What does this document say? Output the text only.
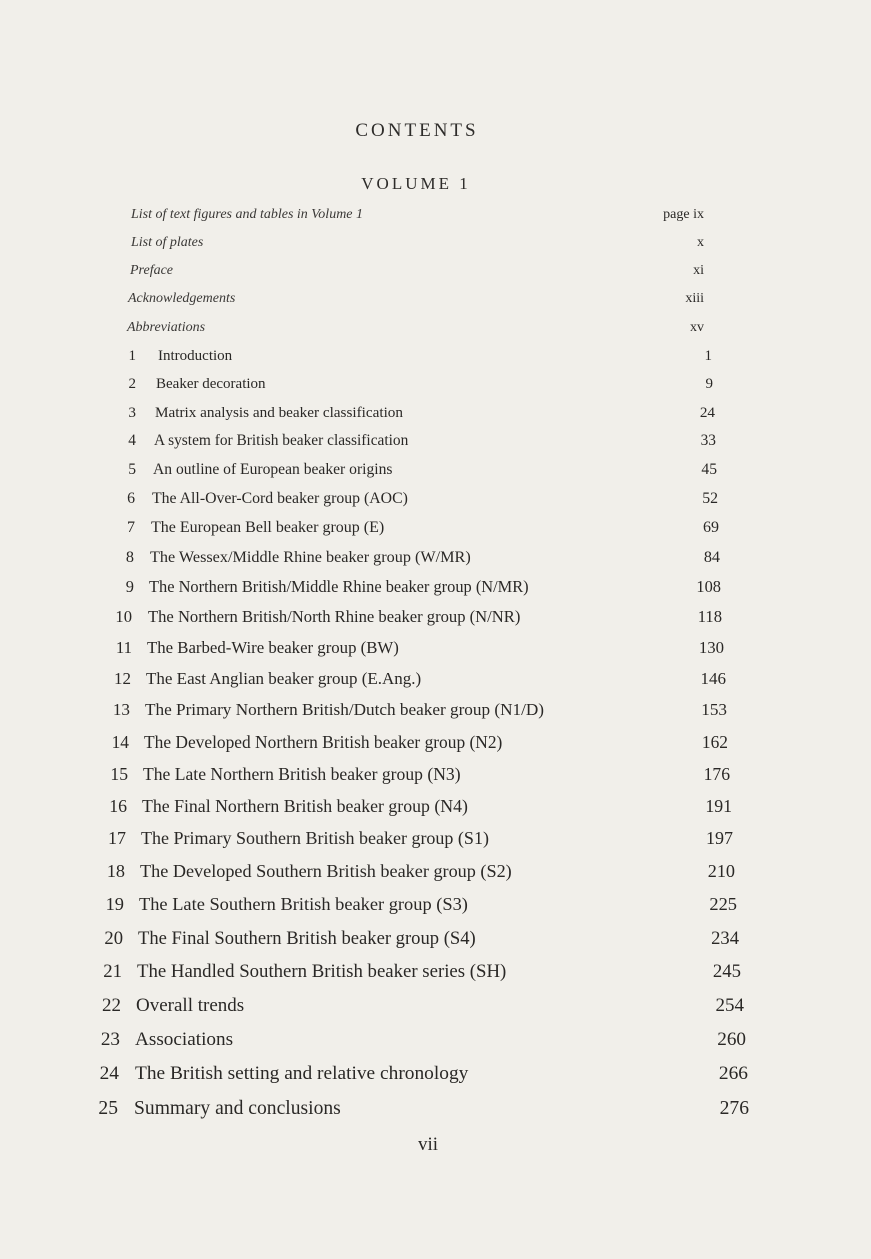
CONTENTS
VOLUME 1
List of text figures and tables in Volume 1	page ix
List of plates	x
Preface	xi
Acknowledgements	xiii
Abbreviations	xv
1 Introduction	1
2 Beaker decoration	9
3 Matrix analysis and beaker classification	24
4 A system for British beaker classification	33
5 An outline of European beaker origins	45
6 The All-Over-Cord beaker group (AOC)	52
7 The European Bell beaker group (E)	69
8 The Wessex/Middle Rhine beaker group (W/MR)	84
9 The Northern British/Middle Rhine beaker group (N/MR)	108
10 The Northern British/North Rhine beaker group (N/NR)	118
11 The Barbed-Wire beaker group (BW)	130
12 The East Anglian beaker group (E.Ang.)	146
13 The Primary Northern British/Dutch beaker group (N1/D)	153
14 The Developed Northern British beaker group (N2)	162
15 The Late Northern British beaker group (N3)	176
16 The Final Northern British beaker group (N4)	191
17 The Primary Southern British beaker group (S1)	197
18 The Developed Southern British beaker group (S2)	210
19 The Late Southern British beaker group (S3)	225
20 The Final Southern British beaker group (S4)	234
21 The Handled Southern British beaker series (SH)	245
22 Overall trends	254
23 Associations	260
24 The British setting and relative chronology	266
25 Summary and conclusions	276
vii
